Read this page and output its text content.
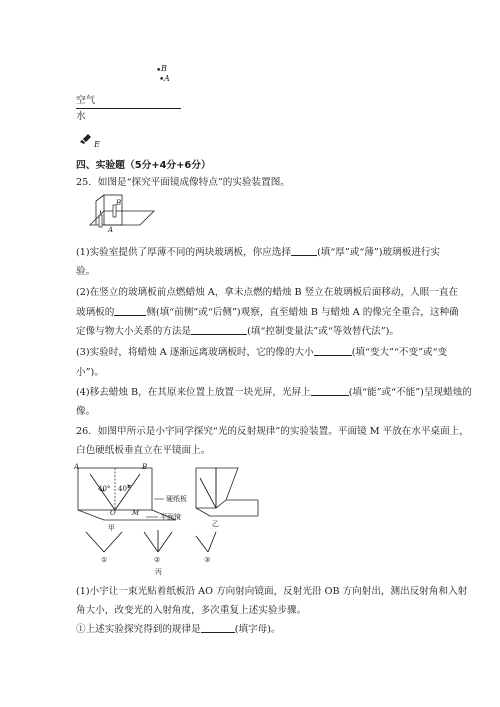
• B
• A
空气
水
E
四、实验题（5分+4分+6分）
25．如图是“探究平面镜成像特点”的实验装置图。
B
A
(1)实验室提供了厚薄不同的两块玻璃板，你应选择	(填“厚”或“薄”)玻璃板进行实
验。
(2)在竖立的玻璃板前点燃蜡烛 A，拿未点燃的蜡烛 B 竖立在玻璃板后面移动，人眼一直在
玻璃板的	侧(填“前侧”或“后侧”)观察，直至蜡烛 B 与蜡烛 A 的像完全重合，这种确
定像与物大小关系的方法是	(填“控制变量法”或“等效替代法”)。
(3)实验时，将蜡烛 A 逐渐远离玻璃板时，它的像的大小	(填“变大”“不变”或“变
小”)。
(4)移去蜡烛 B，在其原来位置上放置一块光屏，光屏上	(填“能”或“不能”)呈现蜡烛的
像。
26．如图甲所示是小宇同学探究“光的反射规律”的实验装置。平面镜 M 平放在水平桌面上，
白色硬纸板垂直立在平镜面上。
A	B
40° 40°
硬纸板
O M	平面镜
甲	乙
①	②	③
丙
(1)小宇让一束光贴着纸板沿 AO 方向射向镜面，反射光沿 OB 方向射出，测出反射角和入射
角大小，改变光的入射角度，多次重复上述实验步骤。
①上述实验探究得到的规律是	(填字母)。
